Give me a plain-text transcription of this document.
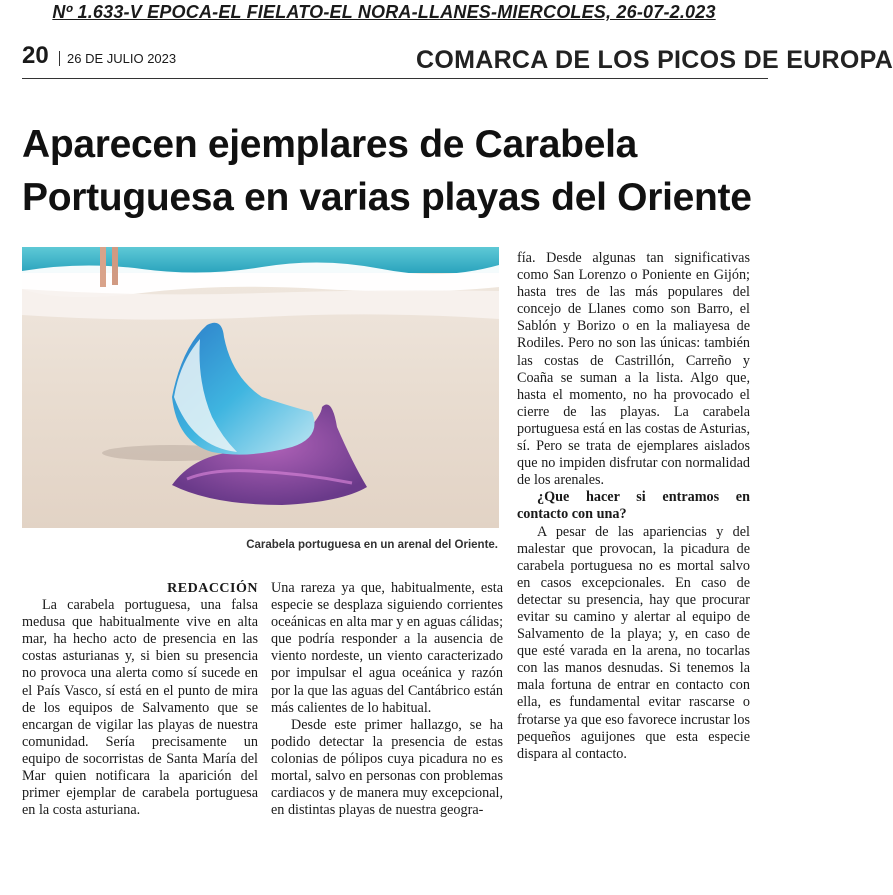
Nº 1.633-V EPOCA-EL FIELATO-EL NORA-LLANES-MIERCOLES, 26-07-2.023
20 26 DE JULIO 2023	COMARCA DE LOS PICOS DE EUROPA
Aparecen ejemplares de Carabela Portuguesa en varias playas del Oriente
Carabela portuguesa en un arenal del Oriente.
REDACCIÓN

La carabela portuguesa, una falsa medusa que habitualmente vive en alta mar, ha hecho acto de presencia en las costas asturianas y, si bien su presencia no provoca una alerta como sí sucede en el País Vasco, sí está en el punto de mira de los equipos de Salvamento que se encargan de vigilar las playas de nuestra comunidad. Sería precisamente un equipo de socorristas de Santa María del Mar quien notificara la aparición del primer ejemplar de carabela portuguesa en la costa asturiana.

Una rareza ya que, habitualmente, esta especie se desplaza siguiendo corrientes oceánicas en alta mar y en aguas cálidas; que podría responder a la ausencia de viento nordeste, un viento caracterizado por impulsar el agua oceánica y razón por la que las aguas del Cantábrico están más calientes de lo habitual.

Desde este primer hallazgo, se ha podido detectar la presencia de estas colonias de pólipos cuya picadura no es mortal, salvo en personas con problemas cardiacos y de manera muy excepcional, en distintas playas de nuestra geogra-

fía. Desde algunas tan significativas como San Lorenzo o Poniente en Gijón; hasta tres de las más populares del concejo de Llanes como son Barro, el Sablón y Borizo o en la maliayesa de Rodiles. Pero no son las únicas: también las costas de Castrillón, Carreño y Coaña se suman a la lista. Algo que, hasta el momento, no ha provocado el cierre de las playas. La carabela portuguesa está en las costas de Asturias, sí. Pero se trata de ejemplares aislados que no impiden disfrutar con normalidad de los arenales.

¿Que hacer si entramos en contacto con una?

A pesar de las apariencias y del malestar que provocan, la picadura de carabela portuguesa no es mortal salvo en casos excepcionales. En caso de detectar su presencia, hay que procurar evitar su camino y alertar al equipo de Salvamento de la playa; y, en caso de que esté varada en la arena, no tocarlas con las manos desnudas. Si tenemos la mala fortuna de entrar en contacto con ella, es fundamental evitar rascarse o frotarse ya que eso favorece incrustar los pequeños aguijones que esta especie dispara al contacto.
